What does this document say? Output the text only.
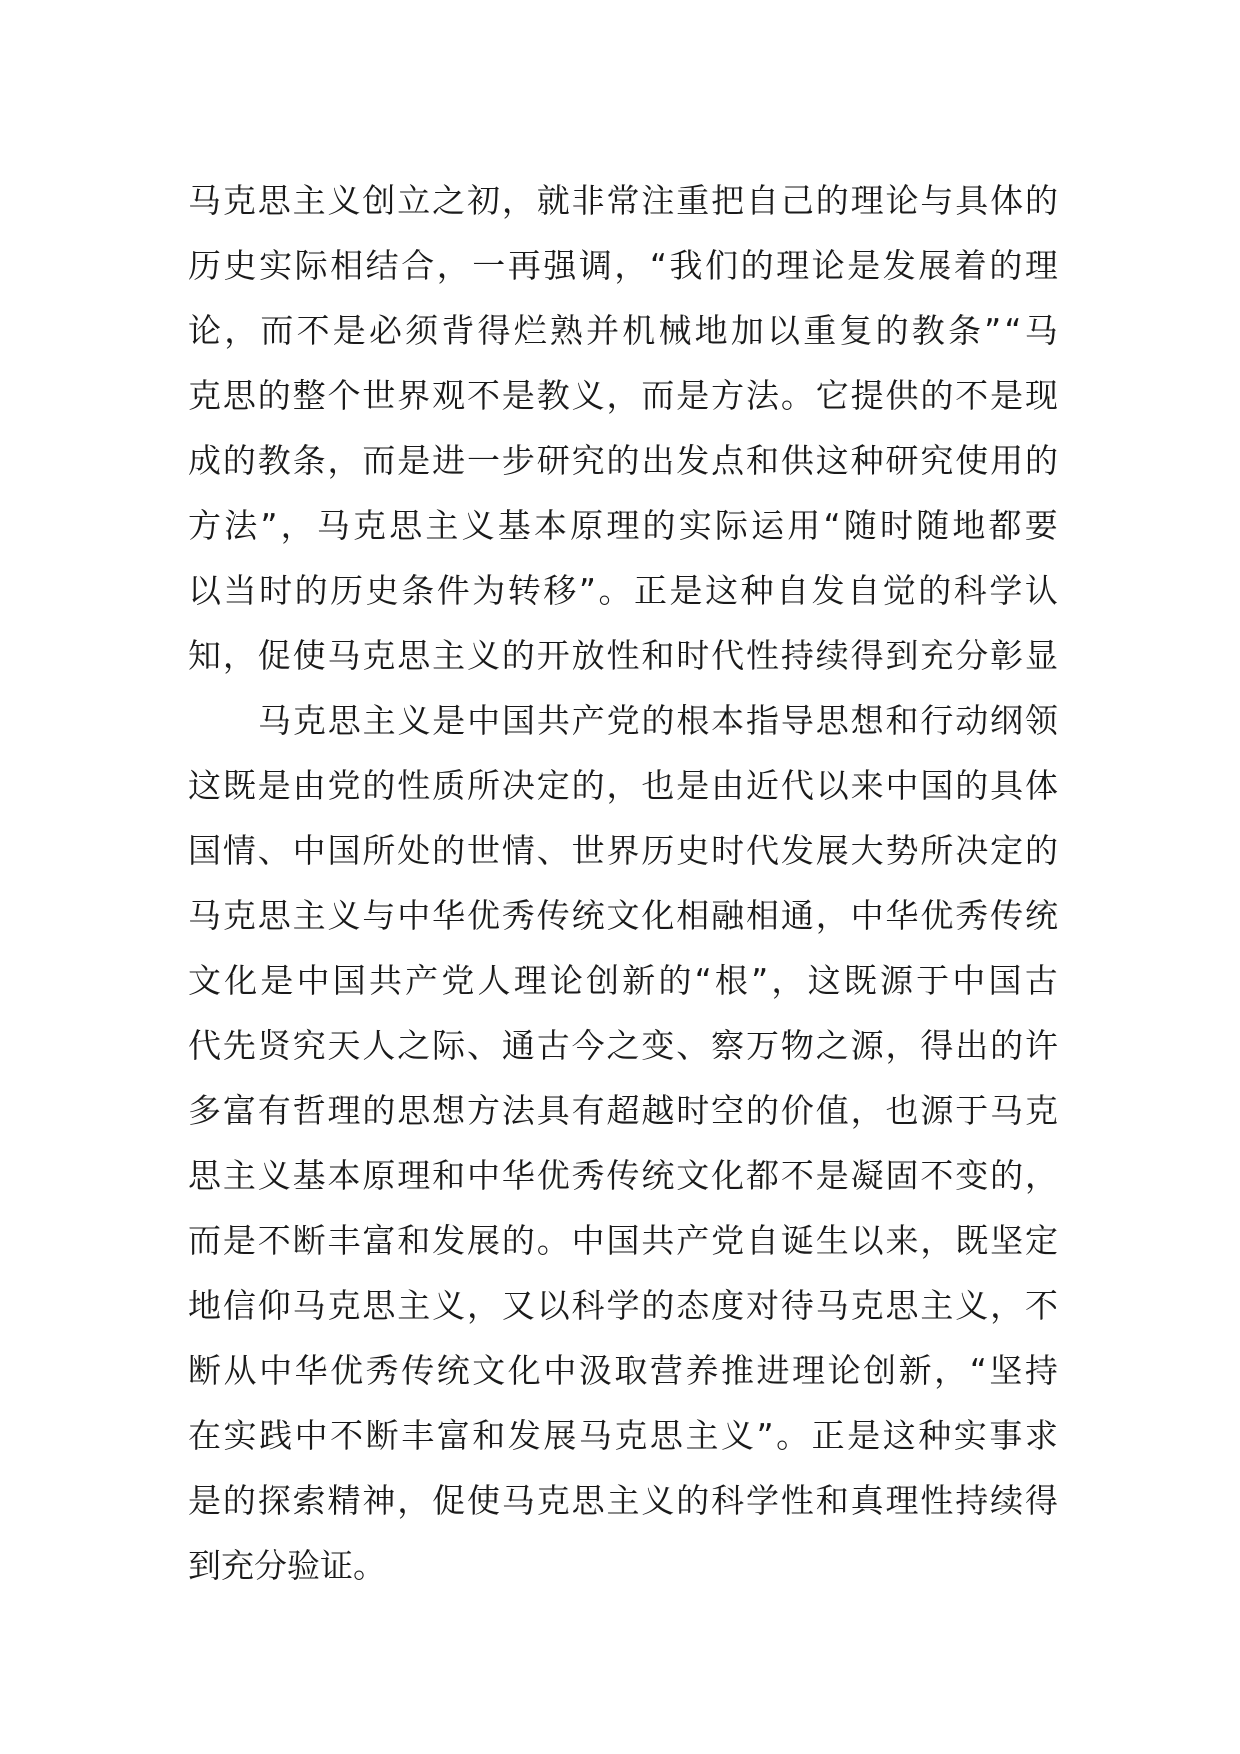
马 克 思 主 义 创 立 之 初 ， 就 非 常 注 重 把 自 己 的 理 论 与 具 体 的
历 史 实 际 相 结 合 ， 一 再 强 调 ， “ 我 们 的 理 论 是 发 展 着 的 理
论 ， 而 不 是 必 须 背 得 烂 熟 并 机 械 地 加 以 重 复 的 教 条 ” “ 马
克 思 的 整 个 世 界 观 不 是 教 义 ， 而 是 方 法 。 它 提 供 的 不 是 现
成 的 教 条 ， 而 是 进 一 步 研 究 的 出 发 点 和 供 这 种 研 究 使 用 的
方 法 ” ， 马 克 思 主 义 基 本 原 理 的 实 际 运 用 “ 随 时 随 地 都 要
以 当 时 的 历 史 条 件 为 转 移 ” 。 正 是 这 种 自 发 自 觉 的 科 学 认
知 ， 促 使 马 克 思 主 义 的 开 放 性 和 时 代 性 持 续 得 到 充 分 彰 显
马 克 思 主 义 是 中 国 共 产 党 的 根 本 指 导 思 想 和 行 动 纲 领
这 既 是 由 党 的 性 质 所 决 定 的 ， 也 是 由 近 代 以 来 中 国 的 具 体
国 情 、 中 国 所 处 的 世 情 、 世 界 历 史 时 代 发 展 大 势 所 决 定 的
马 克 思 主 义 与 中 华 优 秀 传 统 文 化 相 融 相 通 ， 中 华 优 秀 传 统
文 化 是 中 国 共 产 党 人 理 论 创 新 的 “ 根 ” ， 这 既 源 于 中 国 古
代 先 贤 究 天 人 之 际 、 通 古 今 之 变 、 察 万 物 之 源 ， 得 出 的 许
多 富 有 哲 理 的 思 想 方 法 具 有 超 越 时 空 的 价 值 ， 也 源 于 马 克
思 主 义 基 本 原 理 和 中 华 优 秀 传 统 文 化 都 不 是 凝 固 不 变 的 ，
而 是 不 断 丰 富 和 发 展 的 。 中 国 共 产 党 自 诞 生 以 来 ， 既 坚 定
地 信 仰 马 克 思 主 义 ， 又 以 科 学 的 态 度 对 待 马 克 思 主 义 ， 不
断 从 中 华 优 秀 传 统 文 化 中 汲 取 营 养 推 进 理 论 创 新 ， “ 坚 持
在 实 践 中 不 断 丰 富 和 发 展 马 克 思 主 义 ” 。 正 是 这 种 实 事 求
是 的 探 索 精 神 ， 促 使 马 克 思 主 义 的 科 学 性 和 真 理 性 持 续 得
到充分验证。
